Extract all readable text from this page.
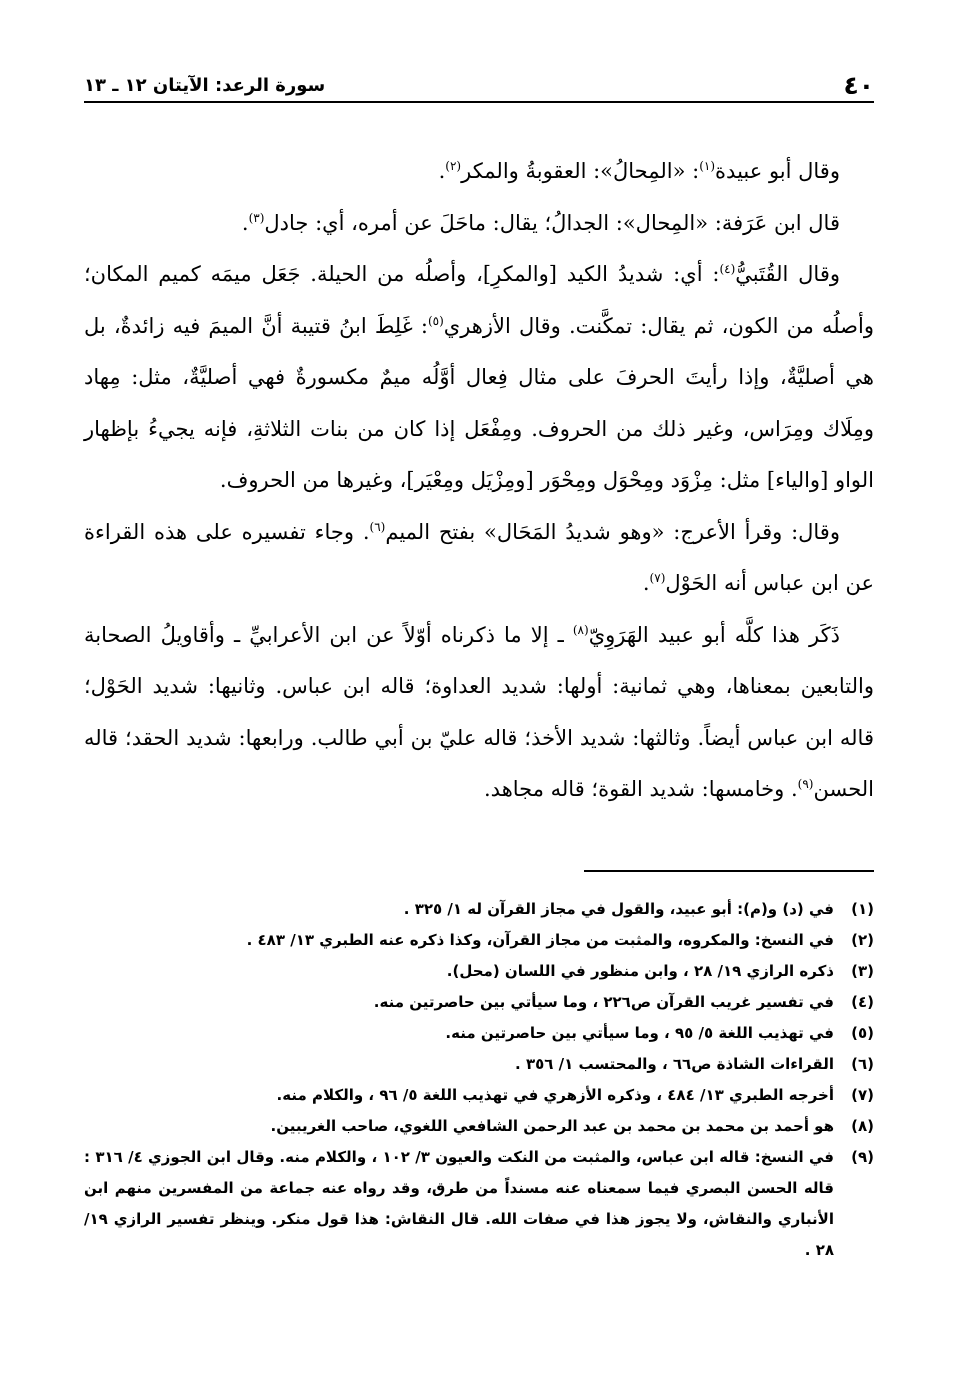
٤٠
سورة الرعد: الآيتان ١٢ ـ ١٣

وقال أبو عبيدة$^{(١)}$: «المِحالُ»: العقوبةُ والمكر$^{(٢)}$.

قال ابن عَرَفة: «المِحال»: الجدالُ؛ يقال: ماحَلَ عن أمره، أي: جادل$^{(٣)}$.

وقال القُتَبيُّ$^{(٤)}$: أي: شديدُ الكيد [والمكرِ]، وأصلُه من الحيلة. جَعَل ميمَه كميم المكان؛ وأصلُه من الكون، ثم يقال: تمكَّنت. وقال الأزهري$^{(٥)}$: غَلِطَ ابنُ قتيبة أنَّ الميمَ فيه زائدةٌ، بل هي أصليَّةٌ، وإذا رأيتَ الحرفَ على مثال فِعال أوَّلُه ميمٌ مكسورةٌ فهي أصليَّةٌ، مثل: مِهاد ومِلَاك ومِرَاس، وغير ذلك من الحروف. ومِفْعَل إذا كان من بنات الثلاثةِ، فإنه يجيءُ بإظهار الواو [والياء] مثل: مِزْوَد ومِحْوَل ومِحْوَر [ومِزْيَل ومِعْيَر]، وغيرها من الحروف.

وقال: وقرأ الأعرج: «وهو شديدُ المَحَال» بفتح الميم$^{(٦)}$. وجاء تفسيره على هذه القراءة عن ابن عباس أنه الحَوْل$^{(٧)}$.

ذَكَر هذا كلَّه أبو عبيد الهَرَوِيّ$^{(٨)}$ ـ إلا ما ذكرناه أوّلاً عن ابن الأعرابيِّ ـ وأقاويلُ الصحابة والتابعين بمعناها، وهي ثمانية: أولها: شديد العداوة؛ قاله ابن عباس. وثانيها: شديد الحَوْل؛ قاله ابن عباس أيضاً. وثالثها: شديد الأخذ؛ قاله عليّ بن أبي طالب. ورابعها: شديد الحقد؛ قاله الحسن$^{(٩)}$. وخامسها: شديد القوة؛ قاله مجاهد.

(١)
في (د) و(م): أبو عبيد، والقول في مجاز القرآن له ١/ ٣٢٥ .

(٢)
في النسخ: والمكروه، والمثبت من مجاز القرآن، وكذا ذكره عنه الطبري ١٣/ ٤٨٣ .

(٣)
ذكره الرازي ١٩/ ٢٨ ، وابن منظور في اللسان (محل).

(٤)
في تفسير غريب القرآن ص٢٢٦ ، وما سيأتي بين حاصرتين منه.

(٥)
في تهذيب اللغة ٥/ ٩٥ ، وما سيأتي بين حاصرتين منه.

(٦)
القراءات الشاذة ص٦٦ ، والمحتسب ١/ ٣٥٦ .

(٧)
أخرجه الطبري ١٣/ ٤٨٤ ، وذكره الأزهري في تهذيب اللغة ٥/ ٩٦ ، والكلام منه.

(٨)
هو أحمد بن محمد بن محمد بن عبد الرحمن الشافعي اللغوي، صاحب الغريبين.

(٩)
في النسخ: قاله ابن عباس، والمثبت من النكت والعيون ٣/ ١٠٢ ، والكلام منه. وقال ابن الجوزي ٤/ ٣١٦ : قاله الحسن البصري فيما سمعناه عنه مسنداً من طرق، وقد رواه عنه جماعة من المفسرين منهم ابن الأنباري والنقاش، ولا يجوز هذا في صفات الله. قال النقاش: هذا قول منكر. وينظر تفسير الرازي ١٩/ ٢٨ .
